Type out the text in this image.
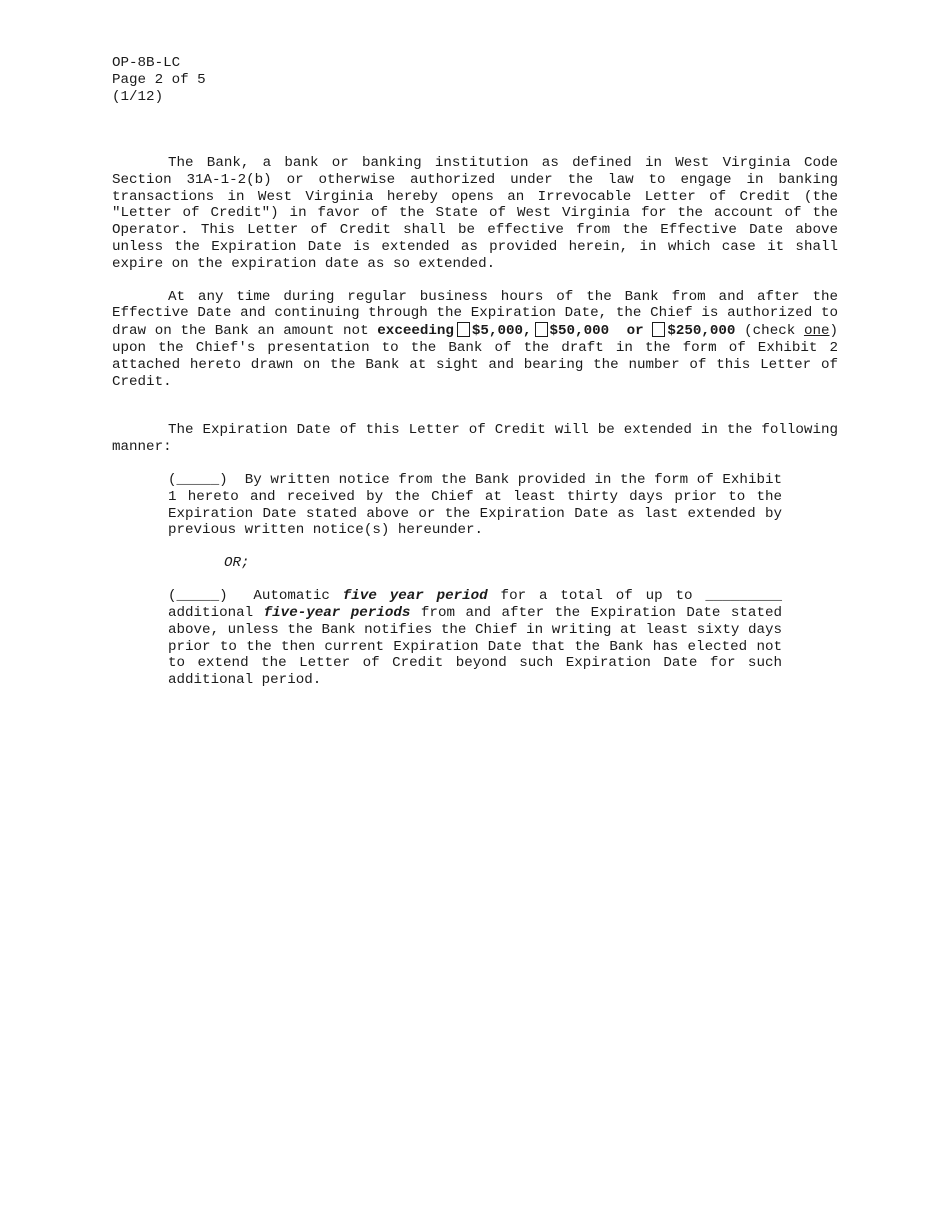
OP-8B-LC
Page 2 of 5
(1/12)

The Bank, a bank or banking institution as defined in West Virginia Code Section 31A-1-2(b) or otherwise authorized under the law to engage in banking transactions in West Virginia hereby opens an Irrevocable Letter of Credit (the "Letter of Credit") in favor of the State of West Virginia for the account of the Operator. This Letter of Credit shall be effective from the Effective Date above unless the Expiration Date is extended as provided herein, in which case it shall expire on the expiration date as so extended.

At any time during regular business hours of the Bank from and after the Effective Date and continuing through the Expiration Date, the Chief is authorized to draw on the Bank an amount not exceeding $5,000, $50,000 or $250,000 (check one) upon the Chief's presentation to the Bank of the draft in the form of Exhibit 2 attached hereto drawn on the Bank at sight and bearing the number of this Letter of Credit.

The Expiration Date of this Letter of Credit will be extended in the following manner:

(_____) By written notice from the Bank provided in the form of Exhibit 1 hereto and received by the Chief at least thirty days prior to the Expiration Date stated above or the Expiration Date as last extended by previous written notice(s) hereunder.

OR;

(_____) Automatic five year period for a total of up to _________ additional five-year periods from and after the Expiration Date stated above, unless the Bank notifies the Chief in writing at least sixty days prior to the then current Expiration Date that the Bank has elected not to extend the Letter of Credit beyond such Expiration Date for such additional period.
